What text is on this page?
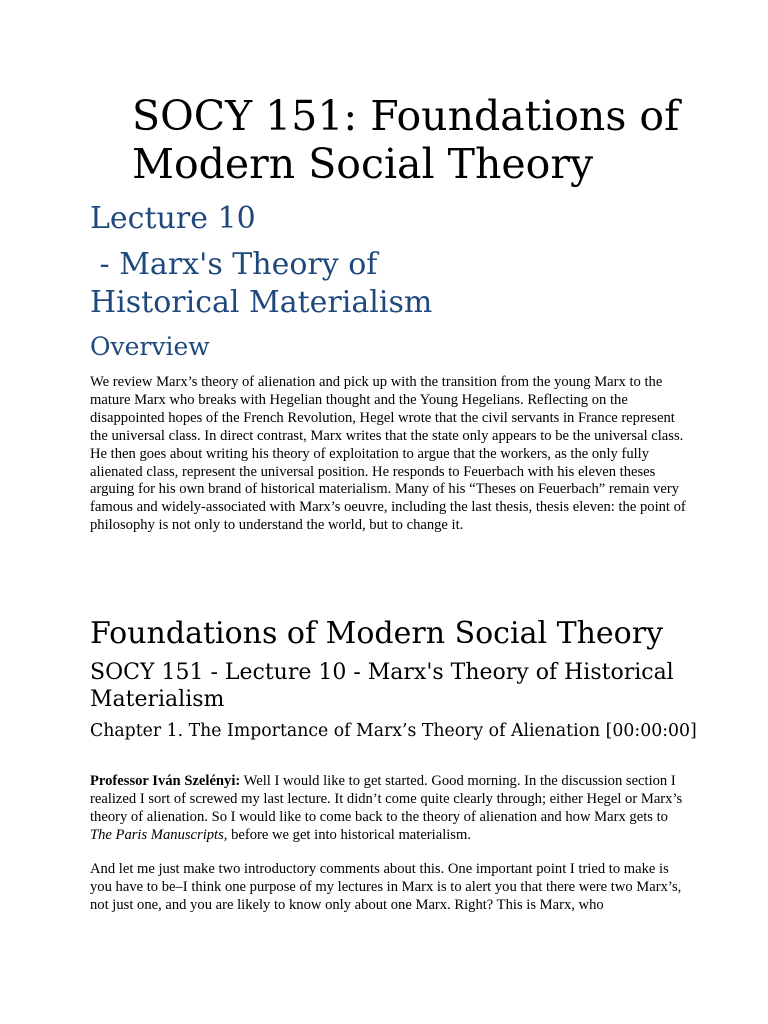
SOCY 151: Foundations of Modern Social Theory
Lecture 10
- Marx's Theory of
Historical Materialism
Overview

We review Marx’s theory of alienation and pick up with the transition from the young Marx to the mature Marx who breaks with Hegelian thought and the Young Hegelians. Reflecting on the disappointed hopes of the French Revolution, Hegel wrote that the civil servants in France represent the universal class. In direct contrast, Marx writes that the state only appears to be the universal class. He then goes about writing his theory of exploitation to argue that the workers, as the only fully alienated class, represent the universal position. He responds to Feuerbach with his eleven theses arguing for his own brand of historical materialism. Many of his “Theses on Feuerbach” remain very famous and widely-associated with Marx’s oeuvre, including the last thesis, thesis eleven: the point of philosophy is not only to understand the world, but to change it.

Foundations of Modern Social Theory
SOCY 151 - Lecture 10 - Marx's Theory of Historical Materialism
Chapter 1. The Importance of Marx’s Theory of Alienation [00:00:00]

Professor Iván Szelényi: Well I would like to get started. Good morning. In the discussion section I realized I sort of screwed my last lecture. It didn’t come quite clearly through; either Hegel or Marx’s theory of alienation. So I would like to come back to the theory of alienation and how Marx gets to The Paris Manuscripts, before we get into historical materialism.

And let me just make two introductory comments about this. One important point I tried to make is you have to be–I think one purpose of my lectures in Marx is to alert you that there were two Marx’s, not just one, and you are likely to know only about one Marx. Right? This is Marx, who
